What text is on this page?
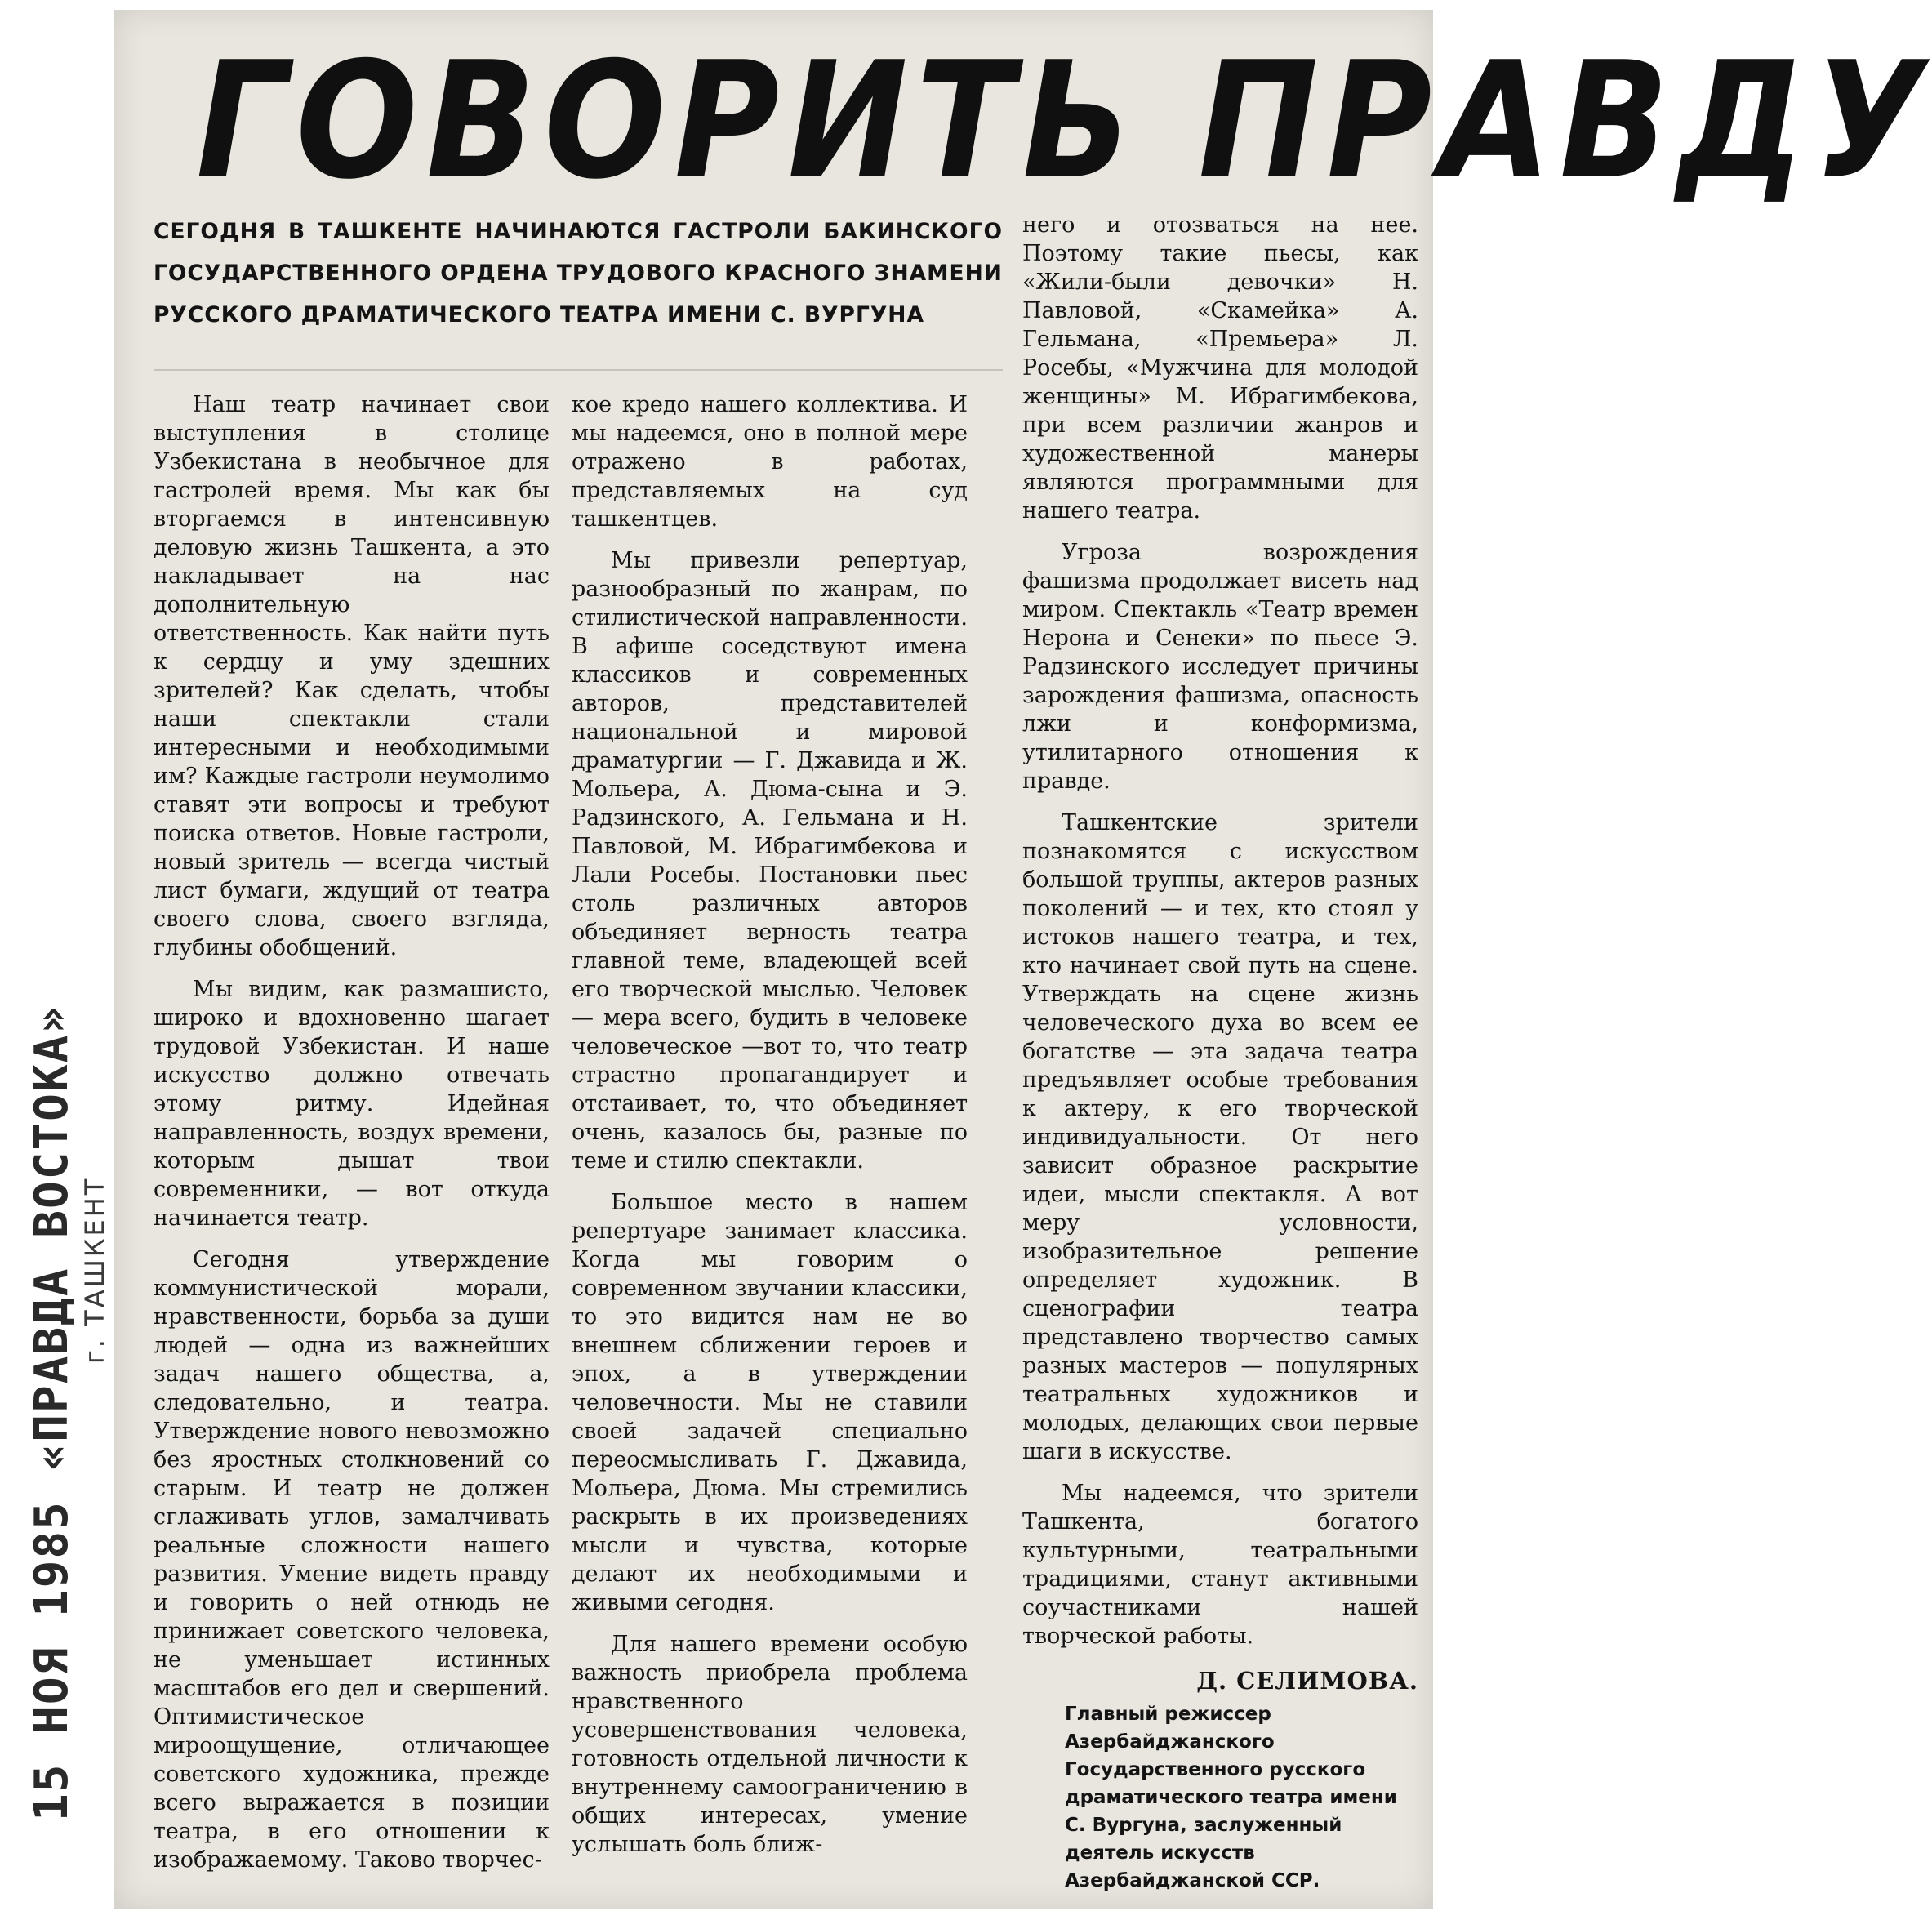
ГОВОРИТЬ ПРАВДУ
СЕГОДНЯ В ТАШКЕНТЕ НАЧИНАЮТСЯ ГАСТРОЛИ БАКИНСКОГО ГОСУДАРСТВЕННОГО ОРДЕНА ТРУДОВОГО КРАСНОГО ЗНАМЕНИ РУССКОГО ДРАМАТИЧЕСКОГО ТЕАТРА ИМЕНИ С. ВУРГУНА

Наш театр начинает свои выступления в столице Узбекистана в необычное для гастролей время. Мы как бы вторгаемся в интенсивную деловую жизнь Ташкента, а это накладывает на нас дополнительную ответственность. Как найти путь к сердцу и уму здешних зрителей? Как сделать, чтобы наши спектакли стали интересными и необходимыми им? Каждые гастроли неумолимо ставят эти вопросы и требуют поиска ответов. Новые гастроли, новый зритель — всегда чистый лист бумаги, ждущий от театра своего слова, своего взгляда, глубины обобщений.

Мы видим, как размашисто, широко и вдохновенно шагает трудовой Узбекистан. И наше искусство должно отвечать этому ритму. Идейная направленность, воздух времени, которым дышат твои современники, — вот откуда начинается театр.

Сегодня утверждение коммунистической морали, нравственности, борьба за души людей — одна из важнейших задач нашего общества, а, следовательно, и театра. Утверждение нового невозможно без яростных столкновений со старым. И театр не должен сглаживать углов, замалчивать реальные сложности нашего развития. Умение видеть правду и говорить о ней отнюдь не принижает советского человека, не уменьшает истинных масштабов его дел и свершений. Оптимистическое мироощущение, отличающее советского художника, прежде всего выражается в позиции театра, в его отношении к изображаемому. Таково творчес-

кое кредо нашего коллектива. И мы надеемся, оно в полной мере отражено в работах, представляемых на суд ташкентцев.

Мы привезли репертуар, разнообразный по жанрам, по стилистической направленности. В афише соседствуют имена классиков и современных авторов, представителей национальной и мировой драматургии — Г. Джавида и Ж. Мольера, А. Дюма-сына и Э. Радзинского, А. Гельмана и Н. Павловой, М. Ибрагимбекова и Лали Росебы. Постановки пьес столь различных авторов объединяет верность театра главной теме, владеющей всей его творческой мыслью. Человек — мера всего, будить в человеке человеческое —вот то, что театр страстно пропагандирует и отстаивает, то, что объединяет очень, казалось бы, разные по теме и стилю спектакли.

Большое место в нашем репертуаре занимает классика. Когда мы говорим о современном звучании классики, то это видится нам не во внешнем сближении героев и эпох, а в утверждении человечности. Мы не ставили своей задачей специально переосмысливать Г. Джавида, Мольера, Дюма. Мы стремились раскрыть в их произведениях мысли и чувства, которые делают их необходимыми и живыми сегодня.

Для нашего времени особую важность приобрела проблема нравственного усовершенствования человека, готовность отдельной личности к внутреннему самоограничению в общих интересах, умение услышать боль ближ-

него и отозваться на нее. Поэтому такие пьесы, как «Жили-были девочки» Н. Павловой, «Скамейка» А. Гельмана, «Премьера» Л. Росебы, «Мужчина для молодой женщины» М. Ибрагимбекова, при всем различии жанров и художественной манеры являются программными для нашего театра.

Угроза возрождения фашизма продолжает висеть над миром. Спектакль «Театр времен Нерона и Сенеки» по пьесе Э. Радзинского исследует причины зарождения фашизма, опасность лжи и конформизма, утилитарного отношения к правде.

Ташкентские зрители познакомятся с искусством большой труппы, актеров разных поколений — и тех, кто стоял у истоков нашего театра, и тех, кто начинает свой путь на сцене. Утверждать на сцене жизнь человеческого духа во всем ее богатстве — эта задача театра предъявляет особые требования к актеру, к его творческой индивидуальности. От него зависит образное раскрытие идеи, мысли спектакля. А вот меру условности, изобразительное решение определяет художник. В сценографии театра представлено творчество самых разных мастеров — популярных театральных художников и молодых, делающих свои первые шаги в искусстве.

Мы надеемся, что зрители Ташкента, богатого культурными, театральными традициями, станут активными соучастниками нашей творческой работы.

Д. СЕЛИМОВА.
Главный режиссер Азербайджанского Государственного русского драматического театра имени С. Вургуна, заслуженный деятель искусств Азербайджанской ССР.
15 НОЯ 1985 «ПРАВДА ВОСТОКА» г. ТАШКЕНТ
